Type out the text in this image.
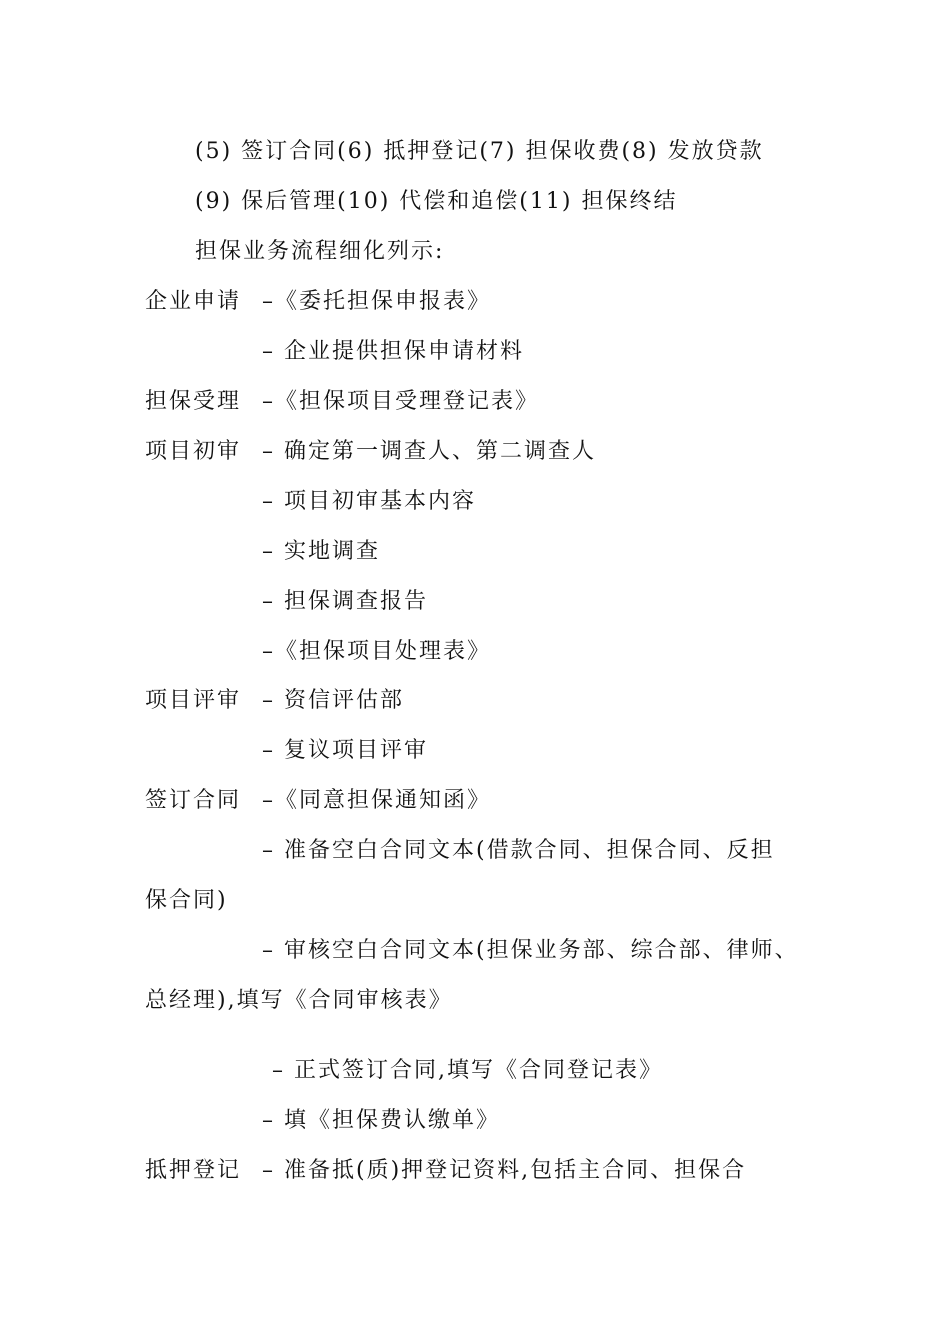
(5) 签订合同(6) 抵押登记(7) 担保收费(8) 发放贷款
(9) 保后管理(10) 代偿和追偿(11) 担保终结
担保业务流程细化列示:
企业申请 –《委托担保申报表》
– 企业提供担保申请材料
担保受理 –《担保项目受理登记表》
项目初审 – 确定第一调查人、第二调查人
– 项目初审基本内容
– 实地调查
– 担保调查报告
–《担保项目处理表》
项目评审 – 资信评估部
– 复议项目评审
签订合同 –《同意担保通知函》
– 准备空白合同文本(借款合同、担保合同、反担
保合同)
– 审核空白合同文本(担保业务部、综合部、律师、
总经理),填写《合同审核表》
– 正式签订合同,填写《合同登记表》
– 填《担保费认缴单》
抵押登记 – 准备抵(质)押登记资料,包括主合同、担保合
